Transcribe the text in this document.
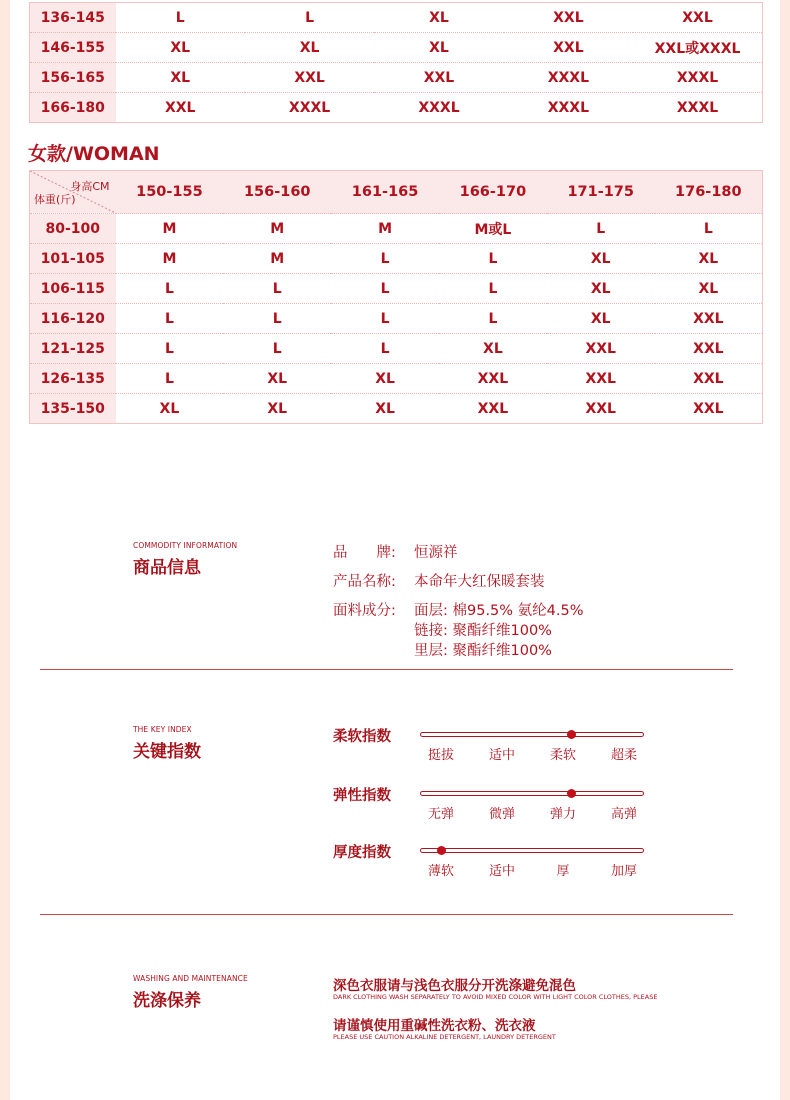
136-145	L	L	XL	XXL	XXL
146-155	XL	XL	XL	XXL	XXL或XXXL
156-165	XL	XXL	XXL	XXXL	XXXL
166-180	XXL	XXXL	XXXL	XXXL	XXXL
女款/WOMAN
身高CM
体重(斤)	150-155	156-160	161-165	166-170	171-175	176-180
80-100	M	M	M	M或L	L	L
101-105	M	M	L	L	XL	XL
106-115	L	L	L	L	XL	XL
116-120	L	L	L	L	XL	XXL
121-125	L	L	L	XL	XXL	XXL
126-135	L	XL	XL	XXL	XXL	XXL
135-150	XL	XL	XL	XXL	XXL	XXL
COMMODITY INFORMATION
商品信息
品　　牌: 恒源祥
产品名称: 本命年大红保暖套装
面料成分: 面层: 棉95.5% 氨纶4.5%
链接: 聚酯纤维100%
里层: 聚酯纤维100%
THE KEY INDEX
关键指数
柔软指数
挺拔	适中	柔软	超柔
弹性指数
无弹	微弹	弹力	高弹
厚度指数
薄软	适中	厚	加厚
WASHING AND MAINTENANCE
洗涤保养
深色衣服请与浅色衣服分开洗涤避免混色
DARK CLOTHING WASH SEPARATELY TO AVOID MIXED COLOR WITH LIGHT COLOR CLOTHES, PLEASE
请谨慎使用重碱性洗衣粉、洗衣液
PLEASE USE CAUTION ALKALINE DETERGENT, LAUNDRY DETERGENT
